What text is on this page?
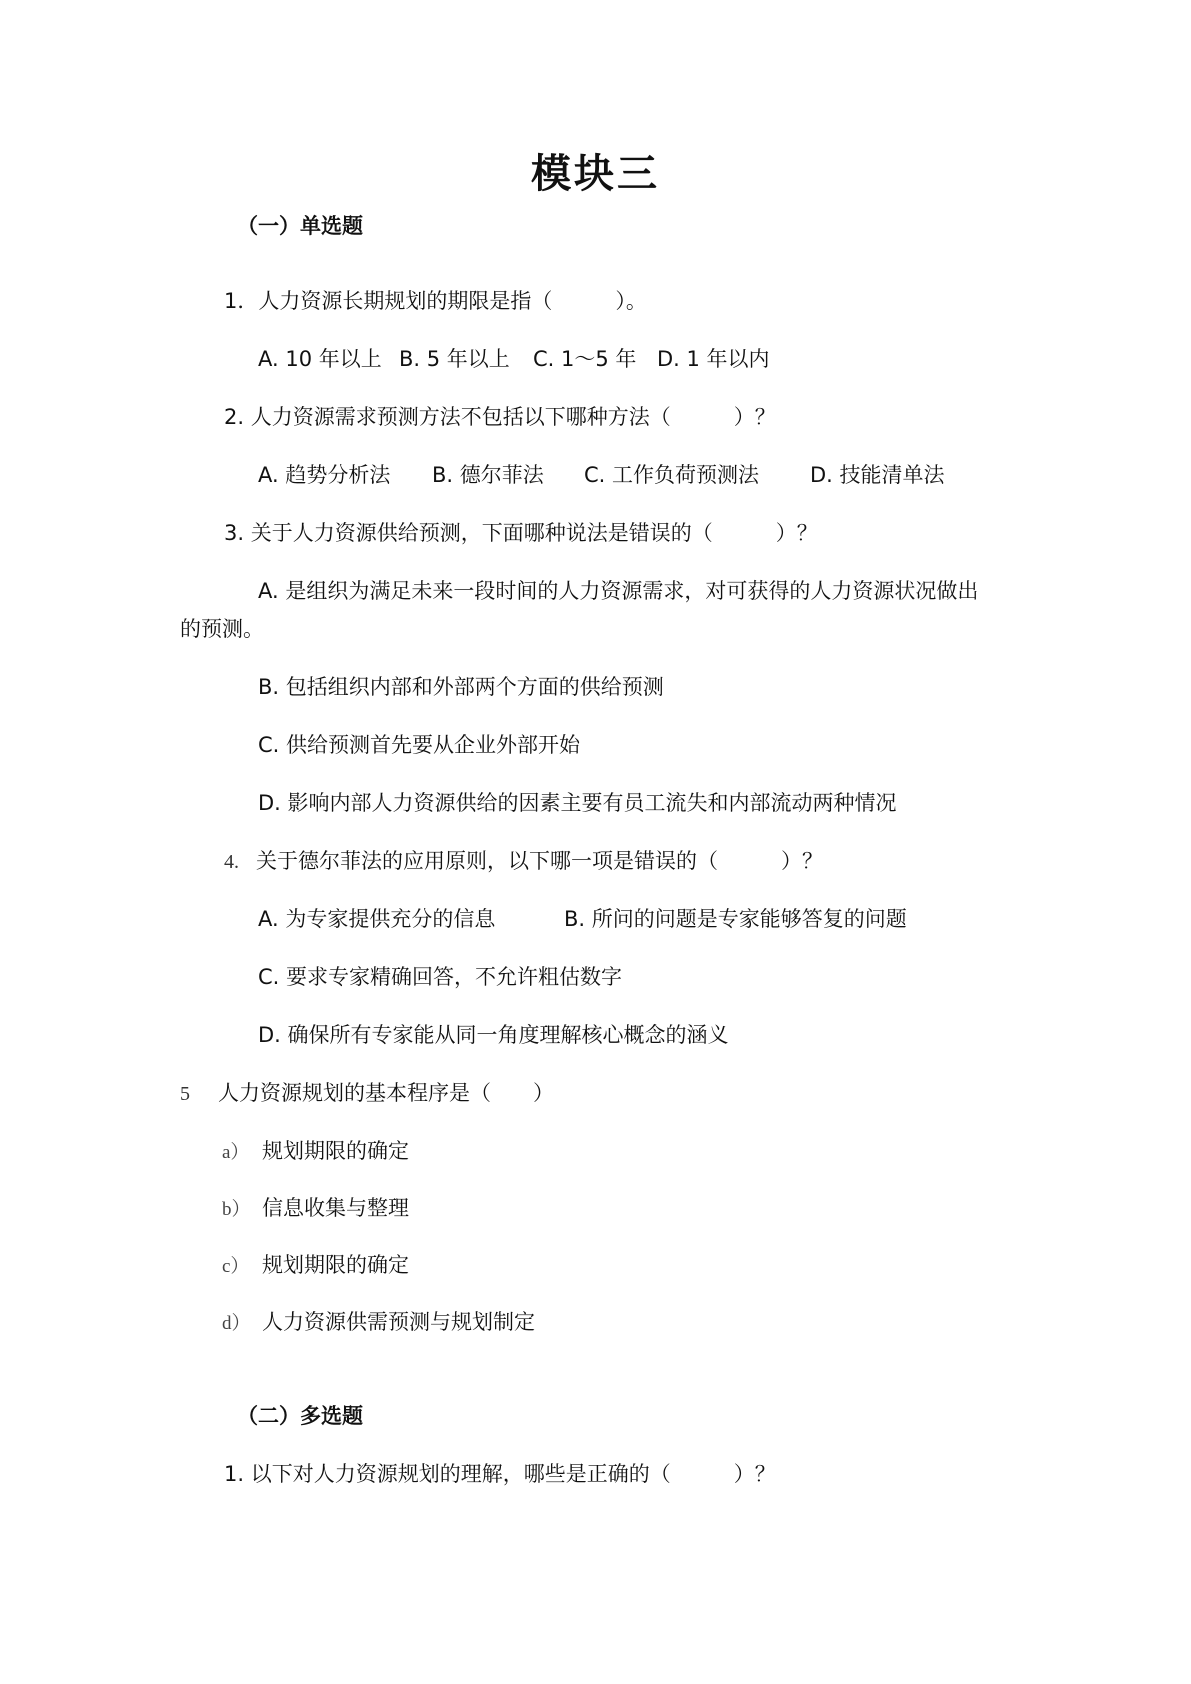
模块三
（一）单选题
1．人力资源长期规划的期限是指（　　　）。
A. 10 年以上 B. 5 年以上 C. 1～5 年 D. 1 年以内
2. 人力资源需求预测方法不包括以下哪种方法（　　　）？
A. 趋势分析法 B. 德尔菲法 C. 工作负荷预测法 D. 技能清单法
3. 关于人力资源供给预测，下面哪种说法是错误的（　　　）？
A. 是组织为满足未来一段时间的人力资源需求，对可获得的人力资源状况做出
的预测。
B. 包括组织内部和外部两个方面的供给预测
C. 供给预测首先要从企业外部开始
D. 影响内部人力资源供给的因素主要有员工流失和内部流动两种情况
4. 关于德尔菲法的应用原则，以下哪一项是错误的（　　　）？
A. 为专家提供充分的信息	B. 所问的问题是专家能够答复的问题
C. 要求专家精确回答，不允许粗估数字
D. 确保所有专家能从同一角度理解核心概念的涵义
5 人力资源规划的基本程序是（　　）
a） 规划期限的确定
b） 信息收集与整理
c） 规划期限的确定
d） 人力资源供需预测与规划制定
（二）多选题
1. 以下对人力资源规划的理解，哪些是正确的（　　　）？
